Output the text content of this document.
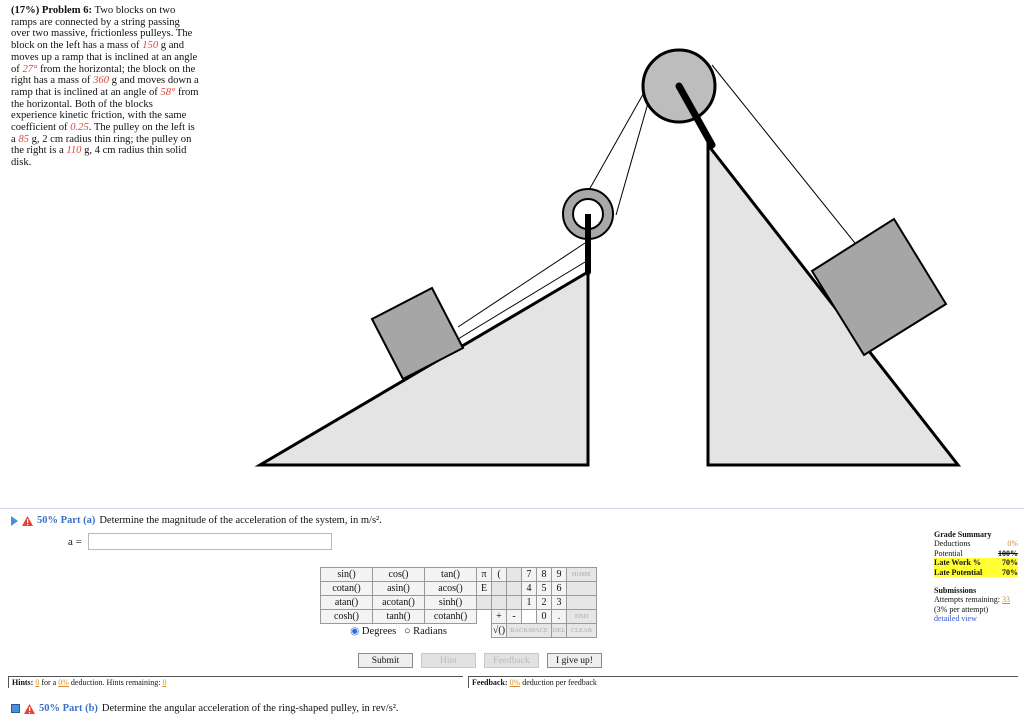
(17%) Problem 6: Two blocks on two ramps are connected by a string passing over two massive, frictionless pulleys. The block on the left has a mass of 150 g and moves up a ramp that is inclined at an angle of 27° from the horizontal; the block on the right has a mass of 360 g and moves down a ramp that is inclined at an angle of 58° from the horizontal. Both of the blocks experience kinetic friction, with the same coefficient of 0.25. The pulley on the left is a 85 g, 2 cm radius thin ring; the pulley on the right is a 110 g, 4 cm radius thin solid disk.
50% Part (a) Determine the magnitude of the acceleration of the system, in m/s².
a =
sin()	cos()	tan()	π	(		7	8	9	HOME
cotan()	asin()	acos()	E			4	5	6	
atan()	acotan()	sinh()				1	2	3	
cosh()	tanh()	cotanh()		+	-		0	.	END
◉ Degrees ○ Radians				√()	BACKSPACE			DEL	CLEAR
Submit	Hint	Feedback	I give up!
Grade Summary
Deductions	0%
Potential	100%
Late Work %	70%
Late Potential 70%
Submissions
Attempts remaining: 33
(3% per attempt)
detailed view
Hints: 0 for a 0% deduction. Hints remaining: 0	Feedback: 0% deduction per feedback
50% Part (b) Determine the angular acceleration of the ring-shaped pulley, in rev/s².
